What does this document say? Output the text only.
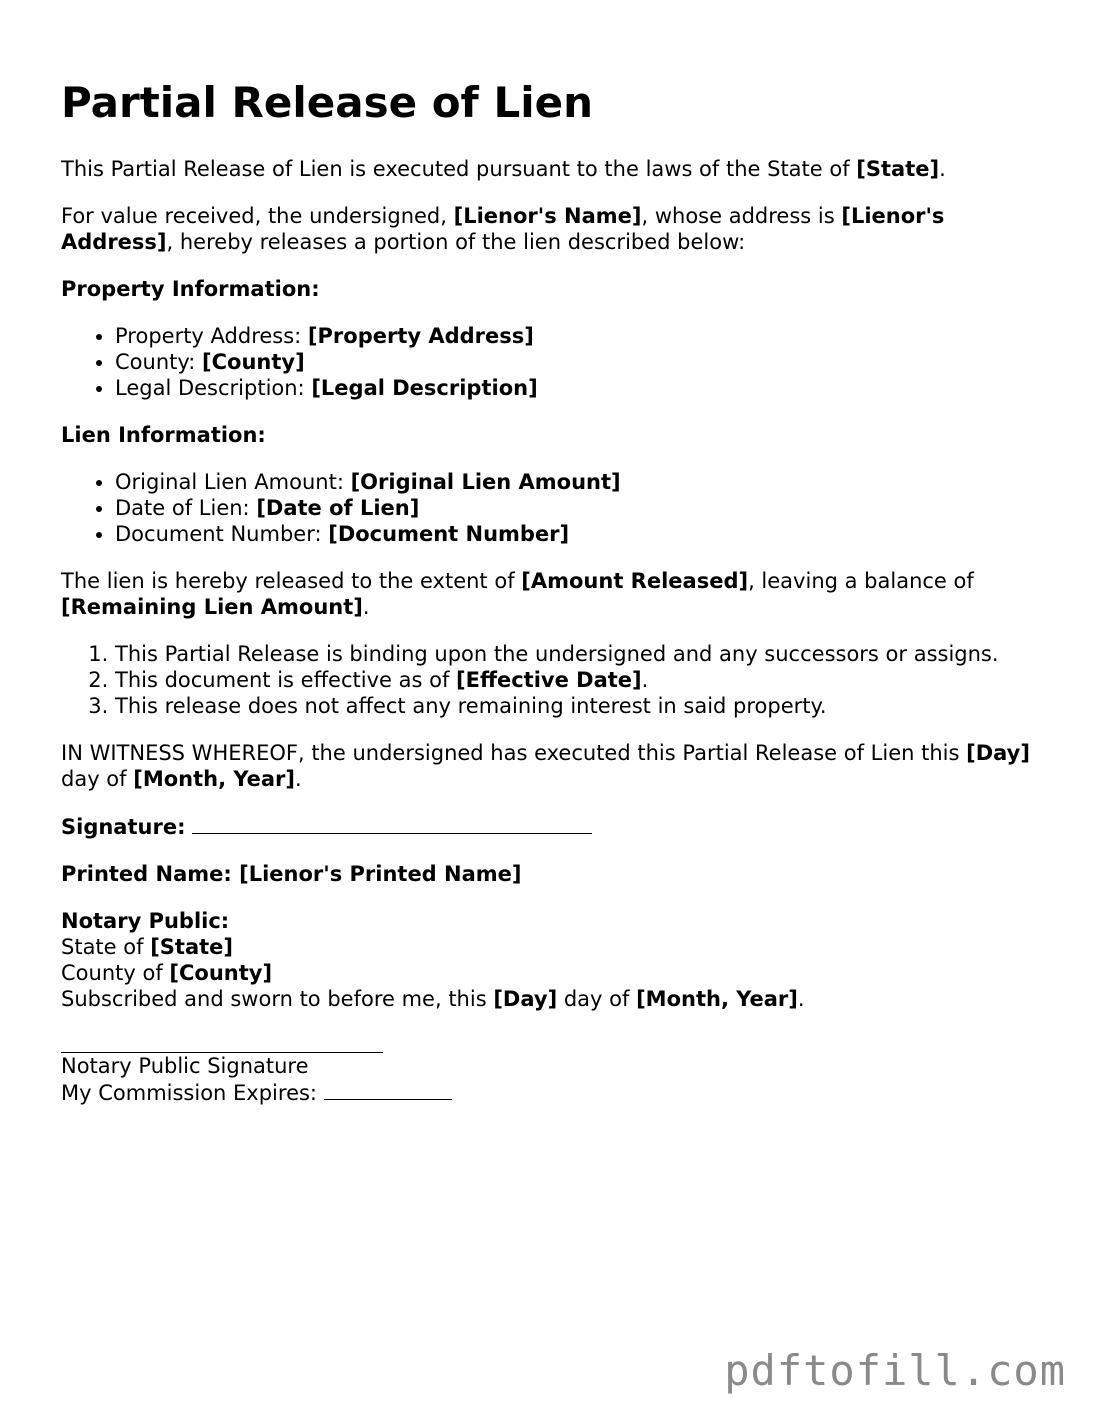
Partial Release of Lien

This Partial Release of Lien is executed pursuant to the laws of the State of [State].

For value received, the undersigned, [Lienor's Name], whose address is [Lienor's Address], hereby releases a portion of the lien described below:

Property Information:

• Property Address: [Property Address]
• County: [County]
• Legal Description: [Legal Description]

Lien Information:

• Original Lien Amount: [Original Lien Amount]
• Date of Lien: [Date of Lien]
• Document Number: [Document Number]

The lien is hereby released to the extent of [Amount Released], leaving a balance of [Remaining Lien Amount].

1. This Partial Release is binding upon the undersigned and any successors or assigns.
2. This document is effective as of [Effective Date].
3. This release does not affect any remaining interest in said property.

IN WITNESS WHEREOF, the undersigned has executed this Partial Release of Lien this [Day] day of [Month, Year].

Signature:

Printed Name: [Lienor's Printed Name]

Notary Public:
State of [State]
County of [County]
Subscribed and sworn to before me, this [Day] day of [Month, Year].
Notary Public Signature
My Commission Expires:
pdftofill.com
